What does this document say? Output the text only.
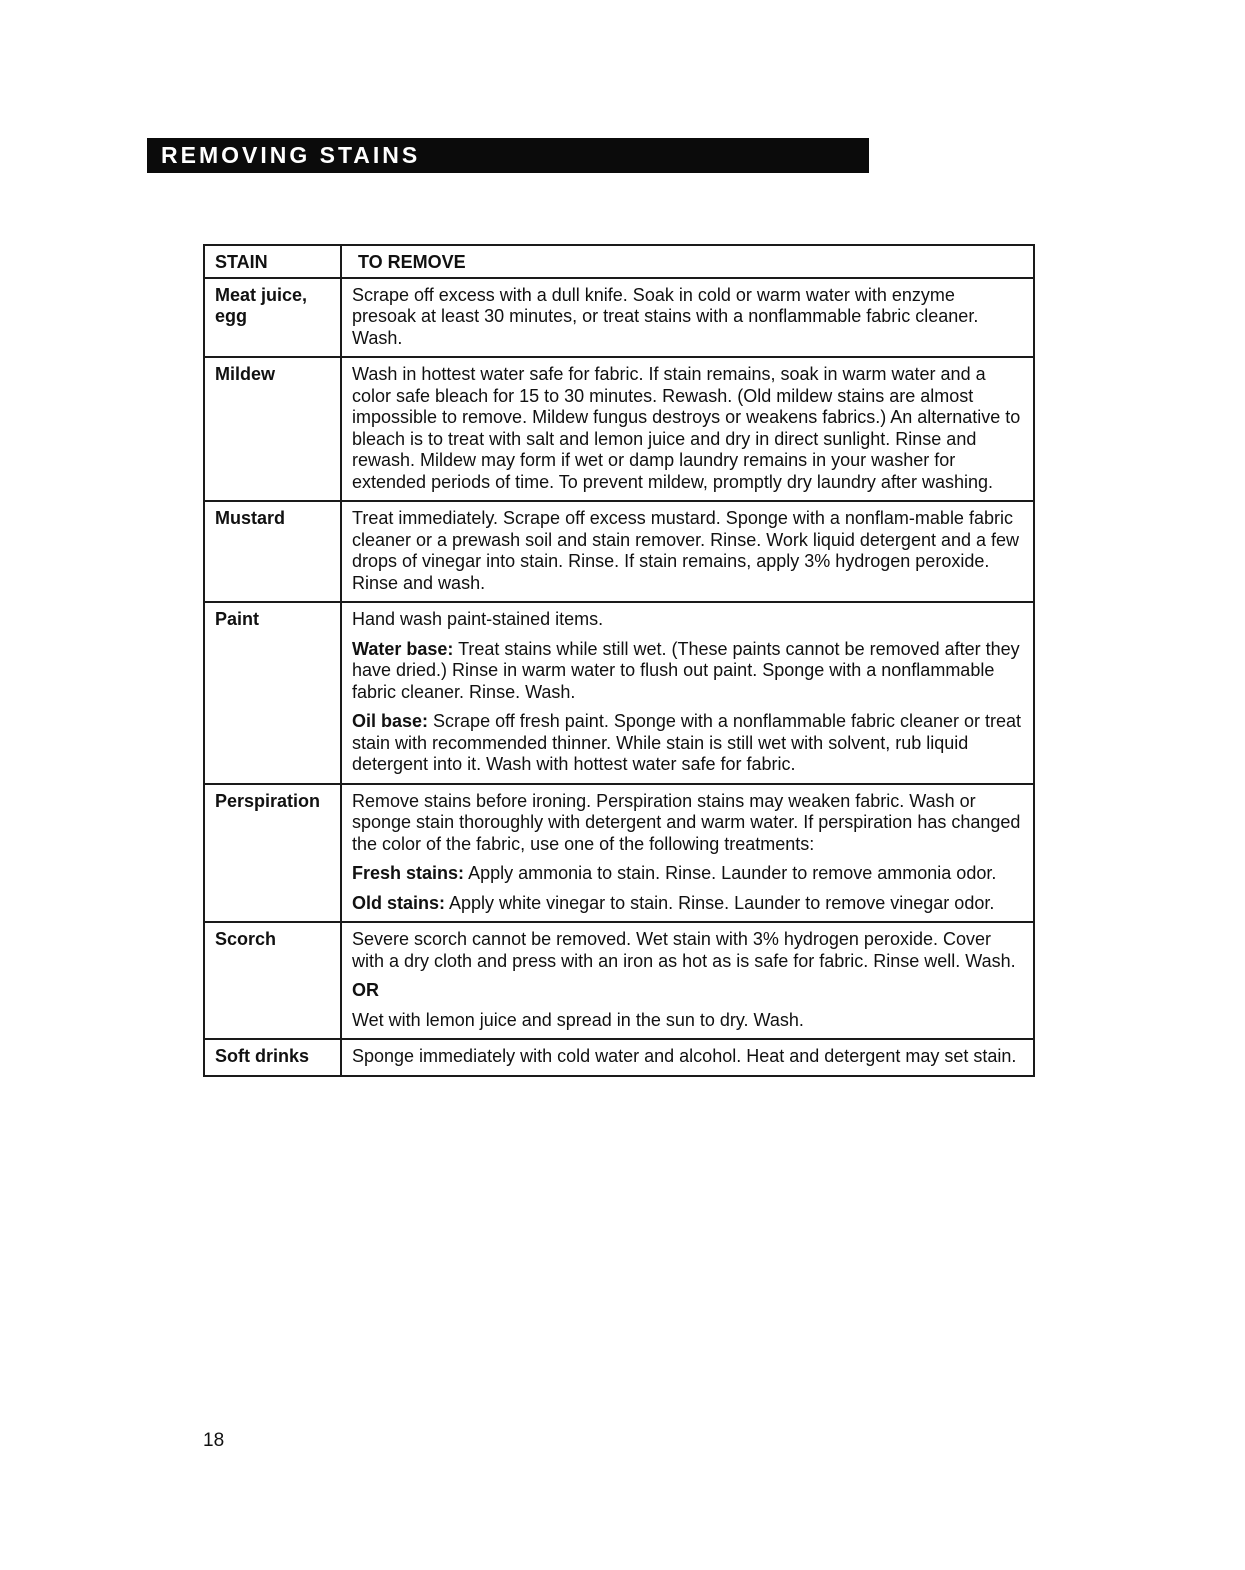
REMOVING STAINS
STAIN	TO REMOVE
Meat juice, egg	Scrape off excess with a dull knife. Soak in cold or warm water with enzyme presoak at least 30 minutes, or treat stains with a nonflammable fabric cleaner. Wash.

Mildew	Wash in hottest water safe for fabric. If stain remains, soak in warm water and a color safe bleach for 15 to 30 minutes. Rewash. (Old mildew stains are almost impossible to remove. Mildew fungus destroys or weakens fabrics.) An alternative to bleach is to treat with salt and lemon juice and dry in direct sunlight. Rinse and rewash. Mildew may form if wet or damp laundry remains in your washer for extended periods of time. To prevent mildew, promptly dry laundry after washing.

Mustard	Treat immediately. Scrape off excess mustard. Sponge with a nonflam-mable fabric cleaner or a prewash soil and stain remover. Rinse. Work liquid detergent and a few drops of vinegar into stain. Rinse. If stain remains, apply 3% hydrogen peroxide. Rinse and wash.

Paint	Hand wash paint-stained items.
Water base: Treat stains while still wet. (These paints cannot be removed after they have dried.) Rinse in warm water to flush out paint. Sponge with a nonflammable fabric cleaner. Rinse. Wash.
Oil base: Scrape off fresh paint. Sponge with a nonflammable fabric cleaner or treat stain with recommended thinner. While stain is still wet with solvent, rub liquid detergent into it. Wash with hottest water safe for fabric.

Perspiration	Remove stains before ironing. Perspiration stains may weaken fabric. Wash or sponge stain thoroughly with detergent and warm water. If perspiration has changed the color of the fabric, use one of the following treatments:
Fresh stains: Apply ammonia to stain. Rinse. Launder to remove ammonia odor.
Old stains: Apply white vinegar to stain. Rinse. Launder to remove vinegar odor.

Scorch	Severe scorch cannot be removed. Wet stain with 3% hydrogen peroxide. Cover with a dry cloth and press with an iron as hot as is safe for fabric. Rinse well. Wash.
OR
Wet with lemon juice and spread in the sun to dry. Wash.

Soft drinks	Sponge immediately with cold water and alcohol. Heat and detergent may set stain.
18
